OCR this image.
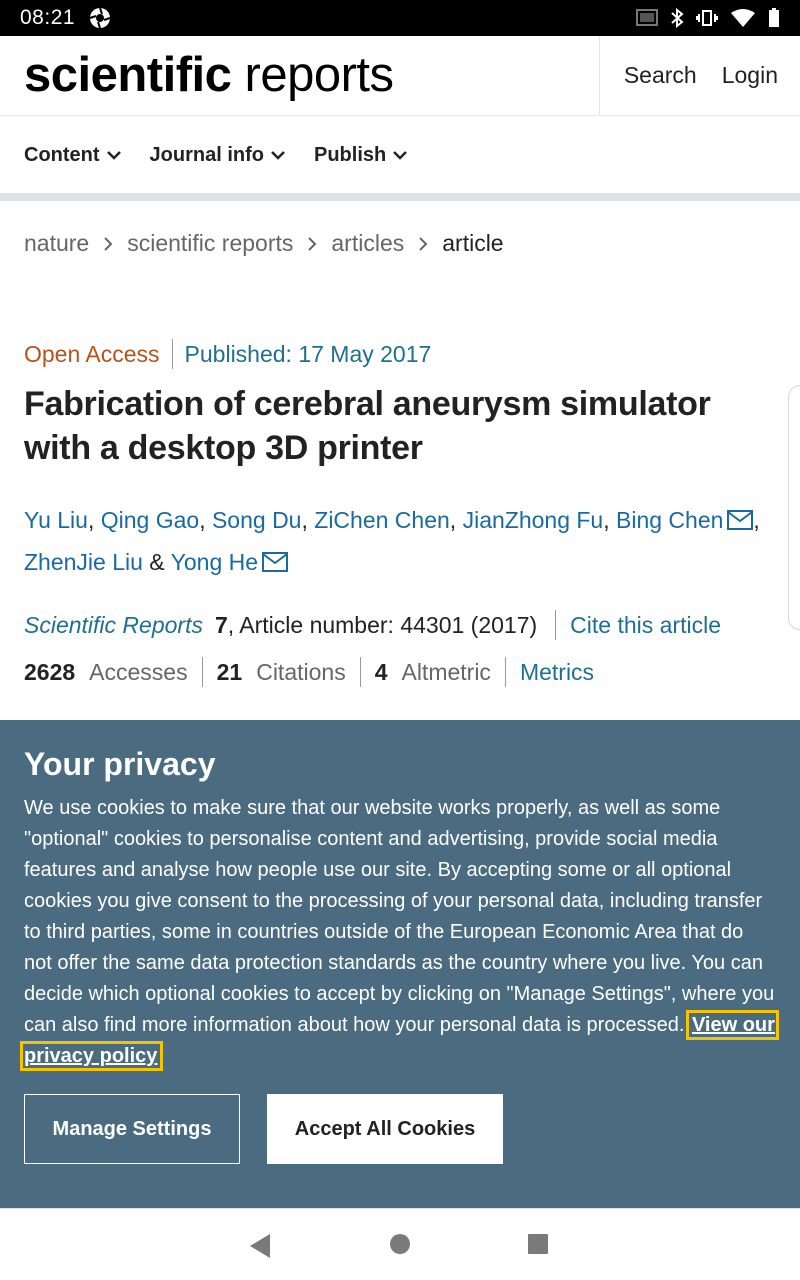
08:21
scientific reports	Search Login
Content	Journal info	Publish
nature scientific reports articles article
Open Access	Published: 17 May 2017
Fabrication of cerebral aneurysm simulator with a desktop 3D printer
Yu Liu, Qing Gao, Song Du, ZiChen Chen, JianZhong Fu, Bing Chen , ZhenJie Liu & Yong He
Scientific Reports 7 , Article number: 44301 (2017) Cite this article
2628 Accesses 21 Citations 4 Altmetric Metrics
Your privacy

We use cookies to make sure that our website works properly, as well as some "optional" cookies to personalise content and advertising, provide social media features and analyse how people use our site. By accepting some or all optional cookies you give consent to the processing of your personal data, including transfer to third parties, some in countries outside of the European Economic Area that do not offer the same data protection standards as the country where you live. You can decide which optional cookies to accept by clicking on "Manage Settings", where you can also find more information about how your personal data is processed. View our privacy policy

Manage Settings	Accept All Cookies
